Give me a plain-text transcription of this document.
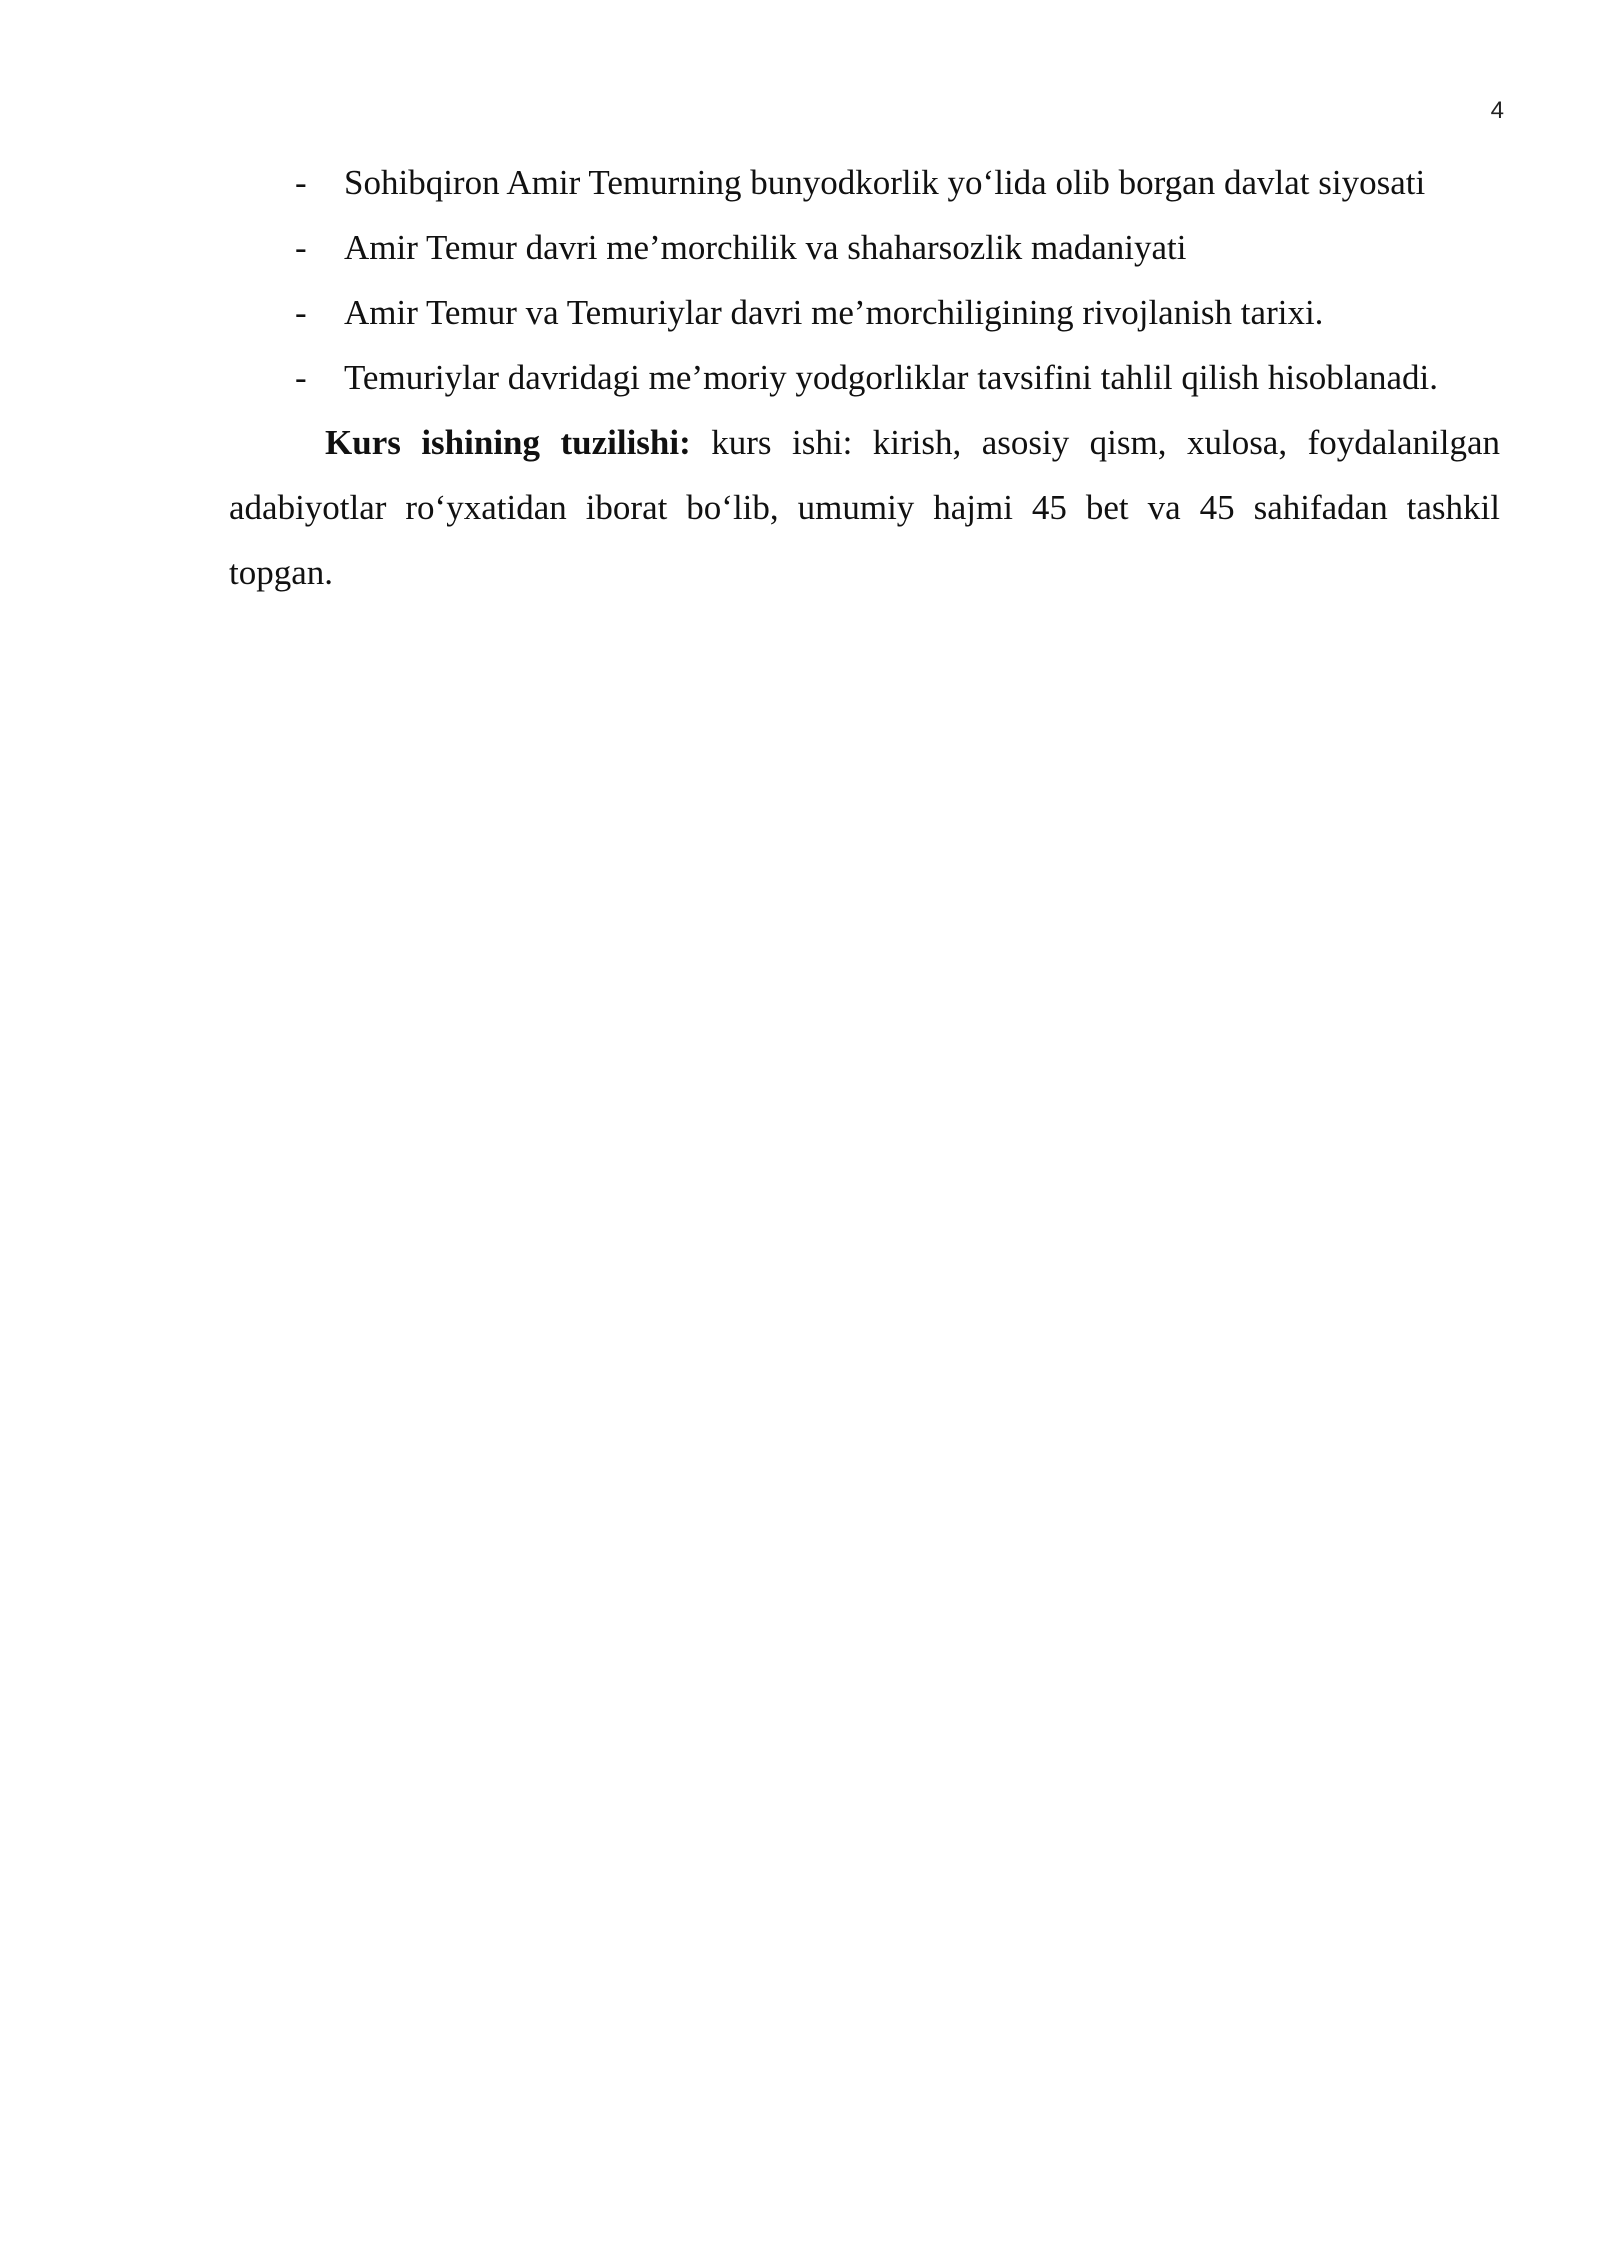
4
- Sohibqiron Amir Temurning bunyodkorlik yo‘lida olib borgan davlat siyosati
- Amir Temur davri me’morchilik va shaharsozlik madaniyati
- Amir Temur va Temuriylar davri me’morchiligining rivojlanish tarixi.
- Temuriylar davridagi me’moriy yodgorliklar tavsifini tahlil qilish hisoblanadi.

Kurs ishining tuzilishi: kurs ishi: kirish, asosiy qism, xulosa, foydalanilgan adabiyotlar ro‘yxatidan iborat bo‘lib, umumiy hajmi 45 bet va 45 sahifadan tashkil topgan.
